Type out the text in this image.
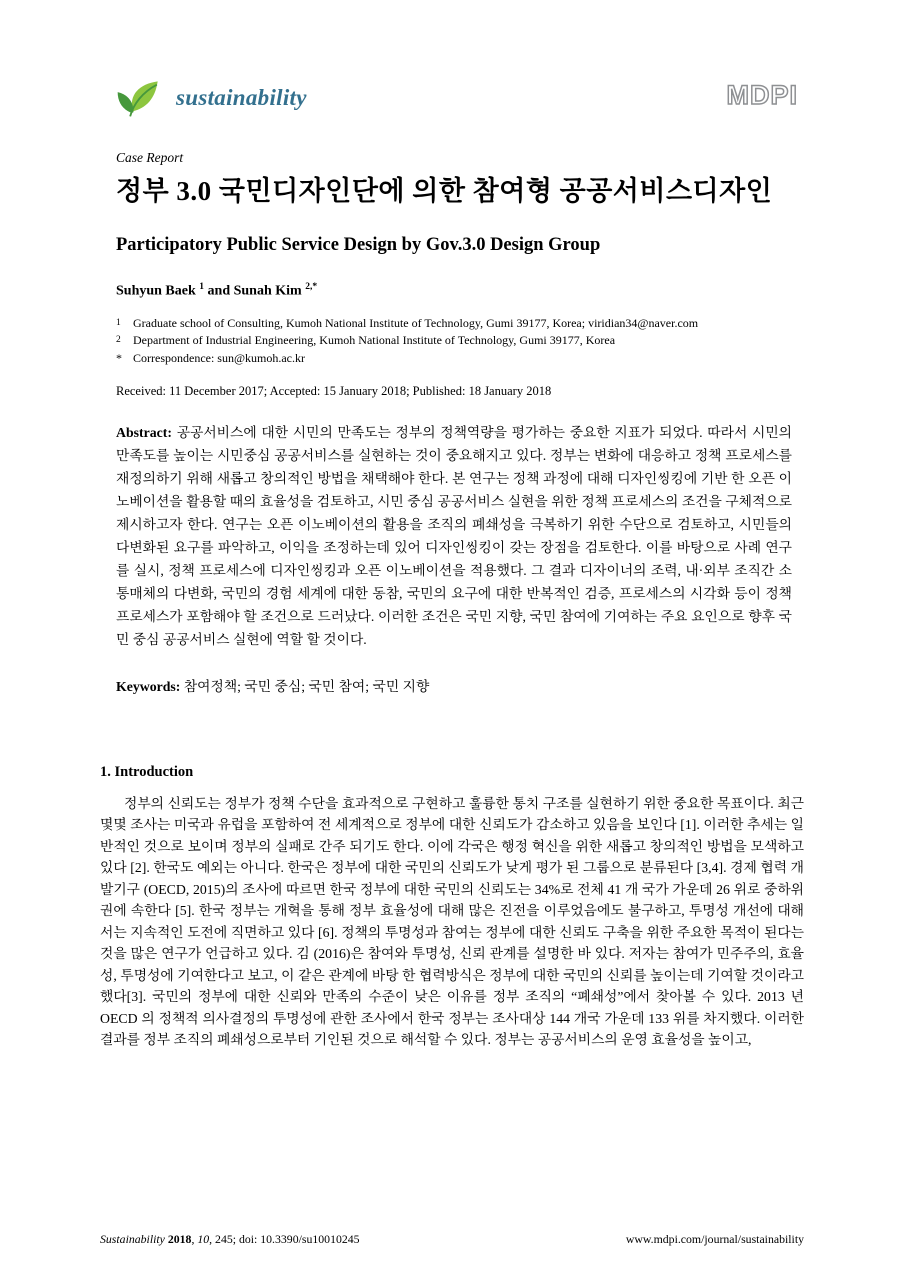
sustainability	MDPI

Case Report

정부 3.0 국민디자인단에 의한 참여형 공공서비스디자인
Participatory Public Service Design by Gov.3.0 Design Group

Suhyun Baek $^1$ and Sunah Kim $^{2,*}$

1	Graduate school of Consulting, Kumoh National Institute of Technology, Gumi 39177, Korea; viridian34@naver.com
2	Department of Industrial Engineering, Kumoh National Institute of Technology, Gumi 39177, Korea
* Correspondence: sun@kumoh.ac.kr

Received: 11 December 2017; Accepted: 15 January 2018; Published: 18 January 2018

Abstract: 공공서비스에 대한 시민의 만족도는 정부의 정책역량을 평가하는 중요한 지표가 되었다. 따라서 시민의 만족도를 높이는 시민중심 공공서비스를 실현하는 것이 중요해지고 있다. 정부는 변화에 대응하고 정책 프로세스를 재정의하기 위해 새롭고 창의적인 방법을 채택해야 한다. 본 연구는 정책 과정에 대해 디자인씽킹에 기반 한 오픈 이노베이션을 활용할 때의 효율성을 검토하고, 시민 중심 공공서비스 실현을 위한 정책 프로세스의 조건을 구체적으로 제시하고자 한다. 연구는 오픈 이노베이션의 활용을 조직의 폐쇄성을 극복하기 위한 수단으로 검토하고, 시민들의 다변화된 요구를 파악하고, 이익을 조정하는데 있어 디자인씽킹이 갖는 장점을 검토한다. 이를 바탕으로 사례 연구를 실시, 정책 프로세스에 디자인씽킹과 오픈 이노베이션을 적용했다. 그 결과 디자이너의 조력, 내·외부 조직간 소통매체의 다변화, 국민의 경험 세계에 대한 동참, 국민의 요구에 대한 반복적인 검증, 프로세스의 시각화 등이 정책 프로세스가 포함해야 할 조건으로 드러났다. 이러한 조건은 국민 지향, 국민 참여에 기여하는 주요 요인으로 향후 국민 중심 공공서비스 실현에 역할 할 것이다.

Keywords: 참여정책; 국민 중심; 국민 참여; 국민 지향

1. Introduction

정부의 신뢰도는 정부가 정책 수단을 효과적으로 구현하고 훌륭한 통치 구조를 실현하기 위한 중요한 목표이다. 최근 몇몇 조사는 미국과 유럽을 포함하여 전 세계적으로 정부에 대한 신뢰도가 감소하고 있음을 보인다 [1]. 이러한 추세는 일반적인 것으로 보이며 정부의 실패로 간주 되기도 한다. 이에 각국은 행정 혁신을 위한 새롭고 창의적인 방법을 모색하고 있다 [2]. 한국도 예외는 아니다. 한국은 정부에 대한 국민의 신뢰도가 낮게 평가 된 그룹으로 분류된다 [3,4]. 경제 협력 개발기구 (OECD, 2015)의 조사에 따르면 한국 정부에 대한 국민의 신뢰도는 34%로 전체 41 개 국가 가운데 26 위로 중하위권에 속한다 [5]. 한국 정부는 개혁을 통해 정부 효율성에 대해 많은 진전을 이루었음에도 불구하고, 투명성 개선에 대해서는 지속적인 도전에 직면하고 있다 [6]. 정책의 투명성과 참여는 정부에 대한 신뢰도 구축을 위한 주요한 목적이 된다는 것을 많은 연구가 언급하고 있다. 김 (2016)은 참여와 투명성, 신뢰 관계를 설명한 바 있다. 저자는 참여가 민주주의, 효율성, 투명성에 기여한다고 보고, 이 같은 관계에 바탕 한 협력방식은 정부에 대한 국민의 신뢰를 높이는데 기여할 것이라고 했다[3]. 국민의 정부에 대한 신뢰와 만족의 수준이 낮은 이유를 정부 조직의 “폐쇄성”에서 찾아볼 수 있다. 2013 년 OECD 의 정책적 의사결정의 투명성에 관한 조사에서 한국 정부는 조사대상 144 개국 가운데 133 위를 차지했다. 이러한 결과를 정부 조직의 폐쇄성으로부터 기인된 것으로 해석할 수 있다. 정부는 공공서비스의 운영 효율성을 높이고,

Sustainability 2018, 10, 245; doi: 10.3390/su10010245	www.mdpi.com/journal/sustainability
